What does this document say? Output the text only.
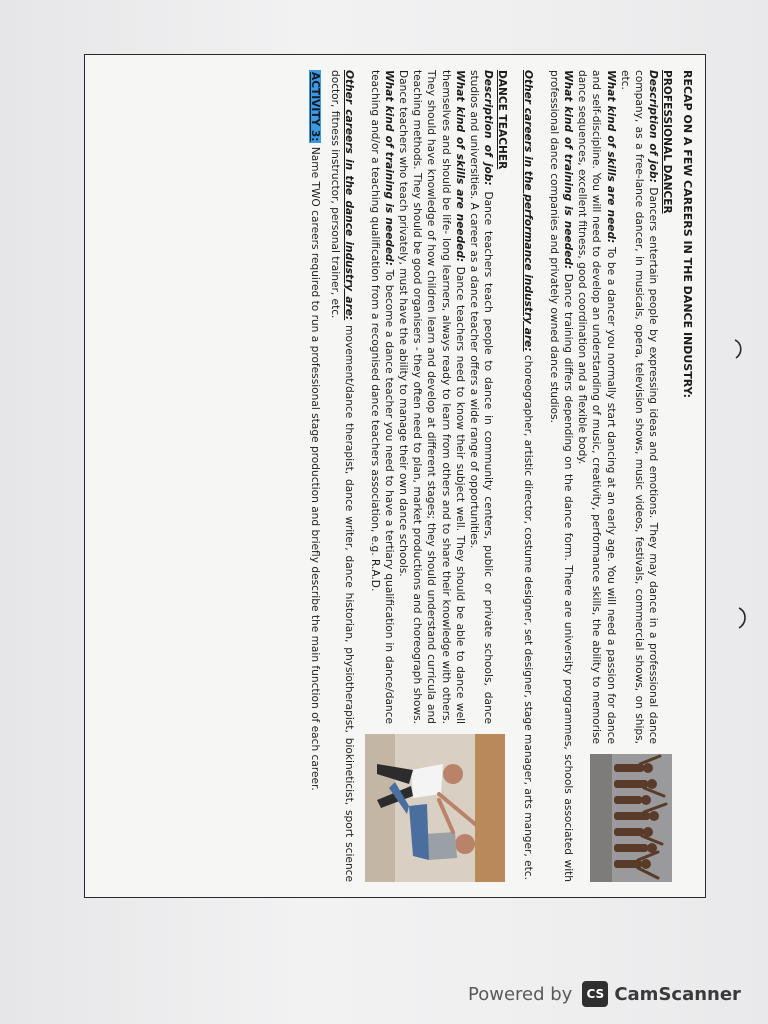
RECAP ON A FEW CAREERS IN THE DANCE INDUSTRY:

PROFESSIONAL DANCER

Description of job: Dancers entertain people by expressing ideas and emotions. They may dance in a professional dance company, as a free-lance dancer, in musicals, opera, television shows, music videos, festivals, commercial shows, on ships, etc.

What kind of skills are need: To be a dancer you normally start dancing at an early age. You will need a passion for dance and self-discipline. You will need to develop an understanding of music, creativity, performance skills, the ability to memorise dance sequences, excellent fitness, good coordination and a flexible body.

What kind of training is needed: Dance training differs depending on the dance form. There are university programmes, schools associated with professional dance companies and privately owned dance studios.

Other careers in the performance industry are: choreographer, artistic director, costume designer, set designer, stage manager, arts manger, etc.

DANCE TEACHER

Description of job: Dance teachers teach people to dance in community centers, public or private schools, dance studios and universities. A career as a dance teacher offers a wide range of opportunities.

What kind of skills are needed: Dance teachers need to know their subject well. They should be able to dance well themselves and should be life- long learners, always ready to learn from others and to share their knowledge with others. They should have knowledge of how children learn and develop at different stages; they should understand curricula and teaching methods. They should be good organisers - they often need to plan, market productions and choreograph shows. Dance teachers who teach privately, must have the ability to manage their own dance schools.

What kind of training is needed: To become a dance teacher you need to have a tertiary qualification in dance/dance teaching and/or a teaching qualification from a recognised dance teachers association, e.g. R.A.D.

Other careers in the dance industry are: movement/dance therapist, dance writer, dance historian, physiotherapist, biokineticist, sport science doctor, fitness instructor, personal trainer, etc.

ACTIVITY 3: Name TWO careers required to run a professional stage production and briefly describe the main function of each career.

Powered by	CS CamScanner
